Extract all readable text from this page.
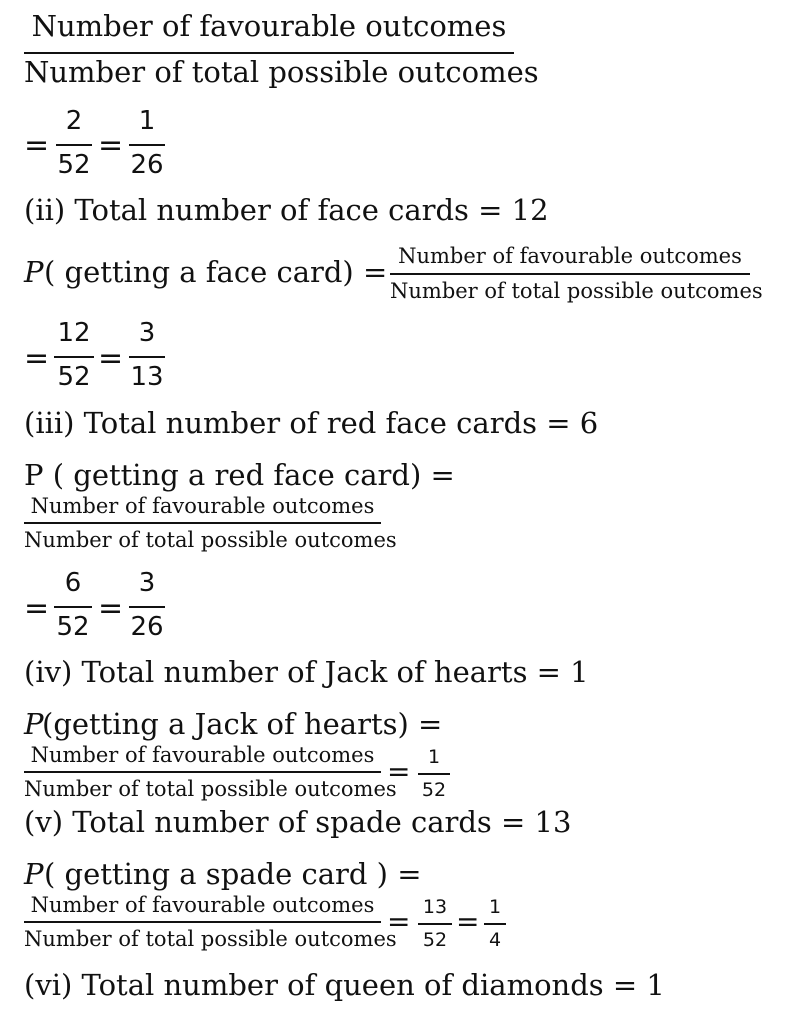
Number of favourable outcomes
Number of total possible outcomes
=
2
52
=
1
26
(ii) Total number of face cards = 12
P ( getting a face card) = Number of favourable outcomes
Number of total possible outcomes
=
12
52
=
3
13
(iii) Total number of red face cards = 6
P ( getting a red face card) =
Number of favourable outcomes
Number of total possible outcomes
=
6
52
=
3
26
(iv) Total number of Jack of hearts = 1
P
(getting a Jack of hearts) =
Number of favourable outcomes
Number of total possible outcomes
= 1
52
(v) Total number of spade cards = 13
P ( getting a spade card ) =
Number of favourable outcomes
Number of total possible outcomes
= 13
52
= 1
4
(vi) Total number of queen of diamonds = 1
